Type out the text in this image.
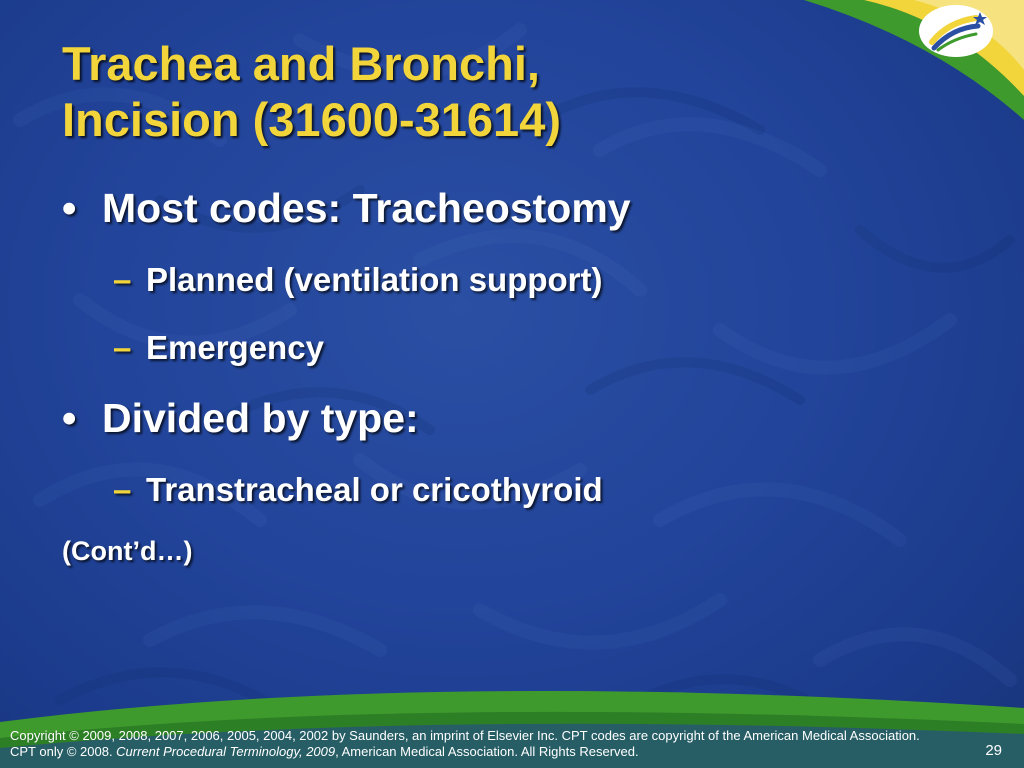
Trachea and Bronchi,
Incision (31600-31614)
• Most codes: Tracheostomy
– Planned (ventilation support)
– Emergency
• Divided by type:
– Transtracheal or cricothyroid
(Cont’d…)
Copyright © 2009, 2008, 2007, 2006, 2005, 2004, 2002 by Saunders, an imprint of Elsevier Inc. CPT codes are copyright of the American Medical Association. CPT only © 2008. Current Procedural Terminology, 2009, American Medical Association. All Rights Reserved.	29
